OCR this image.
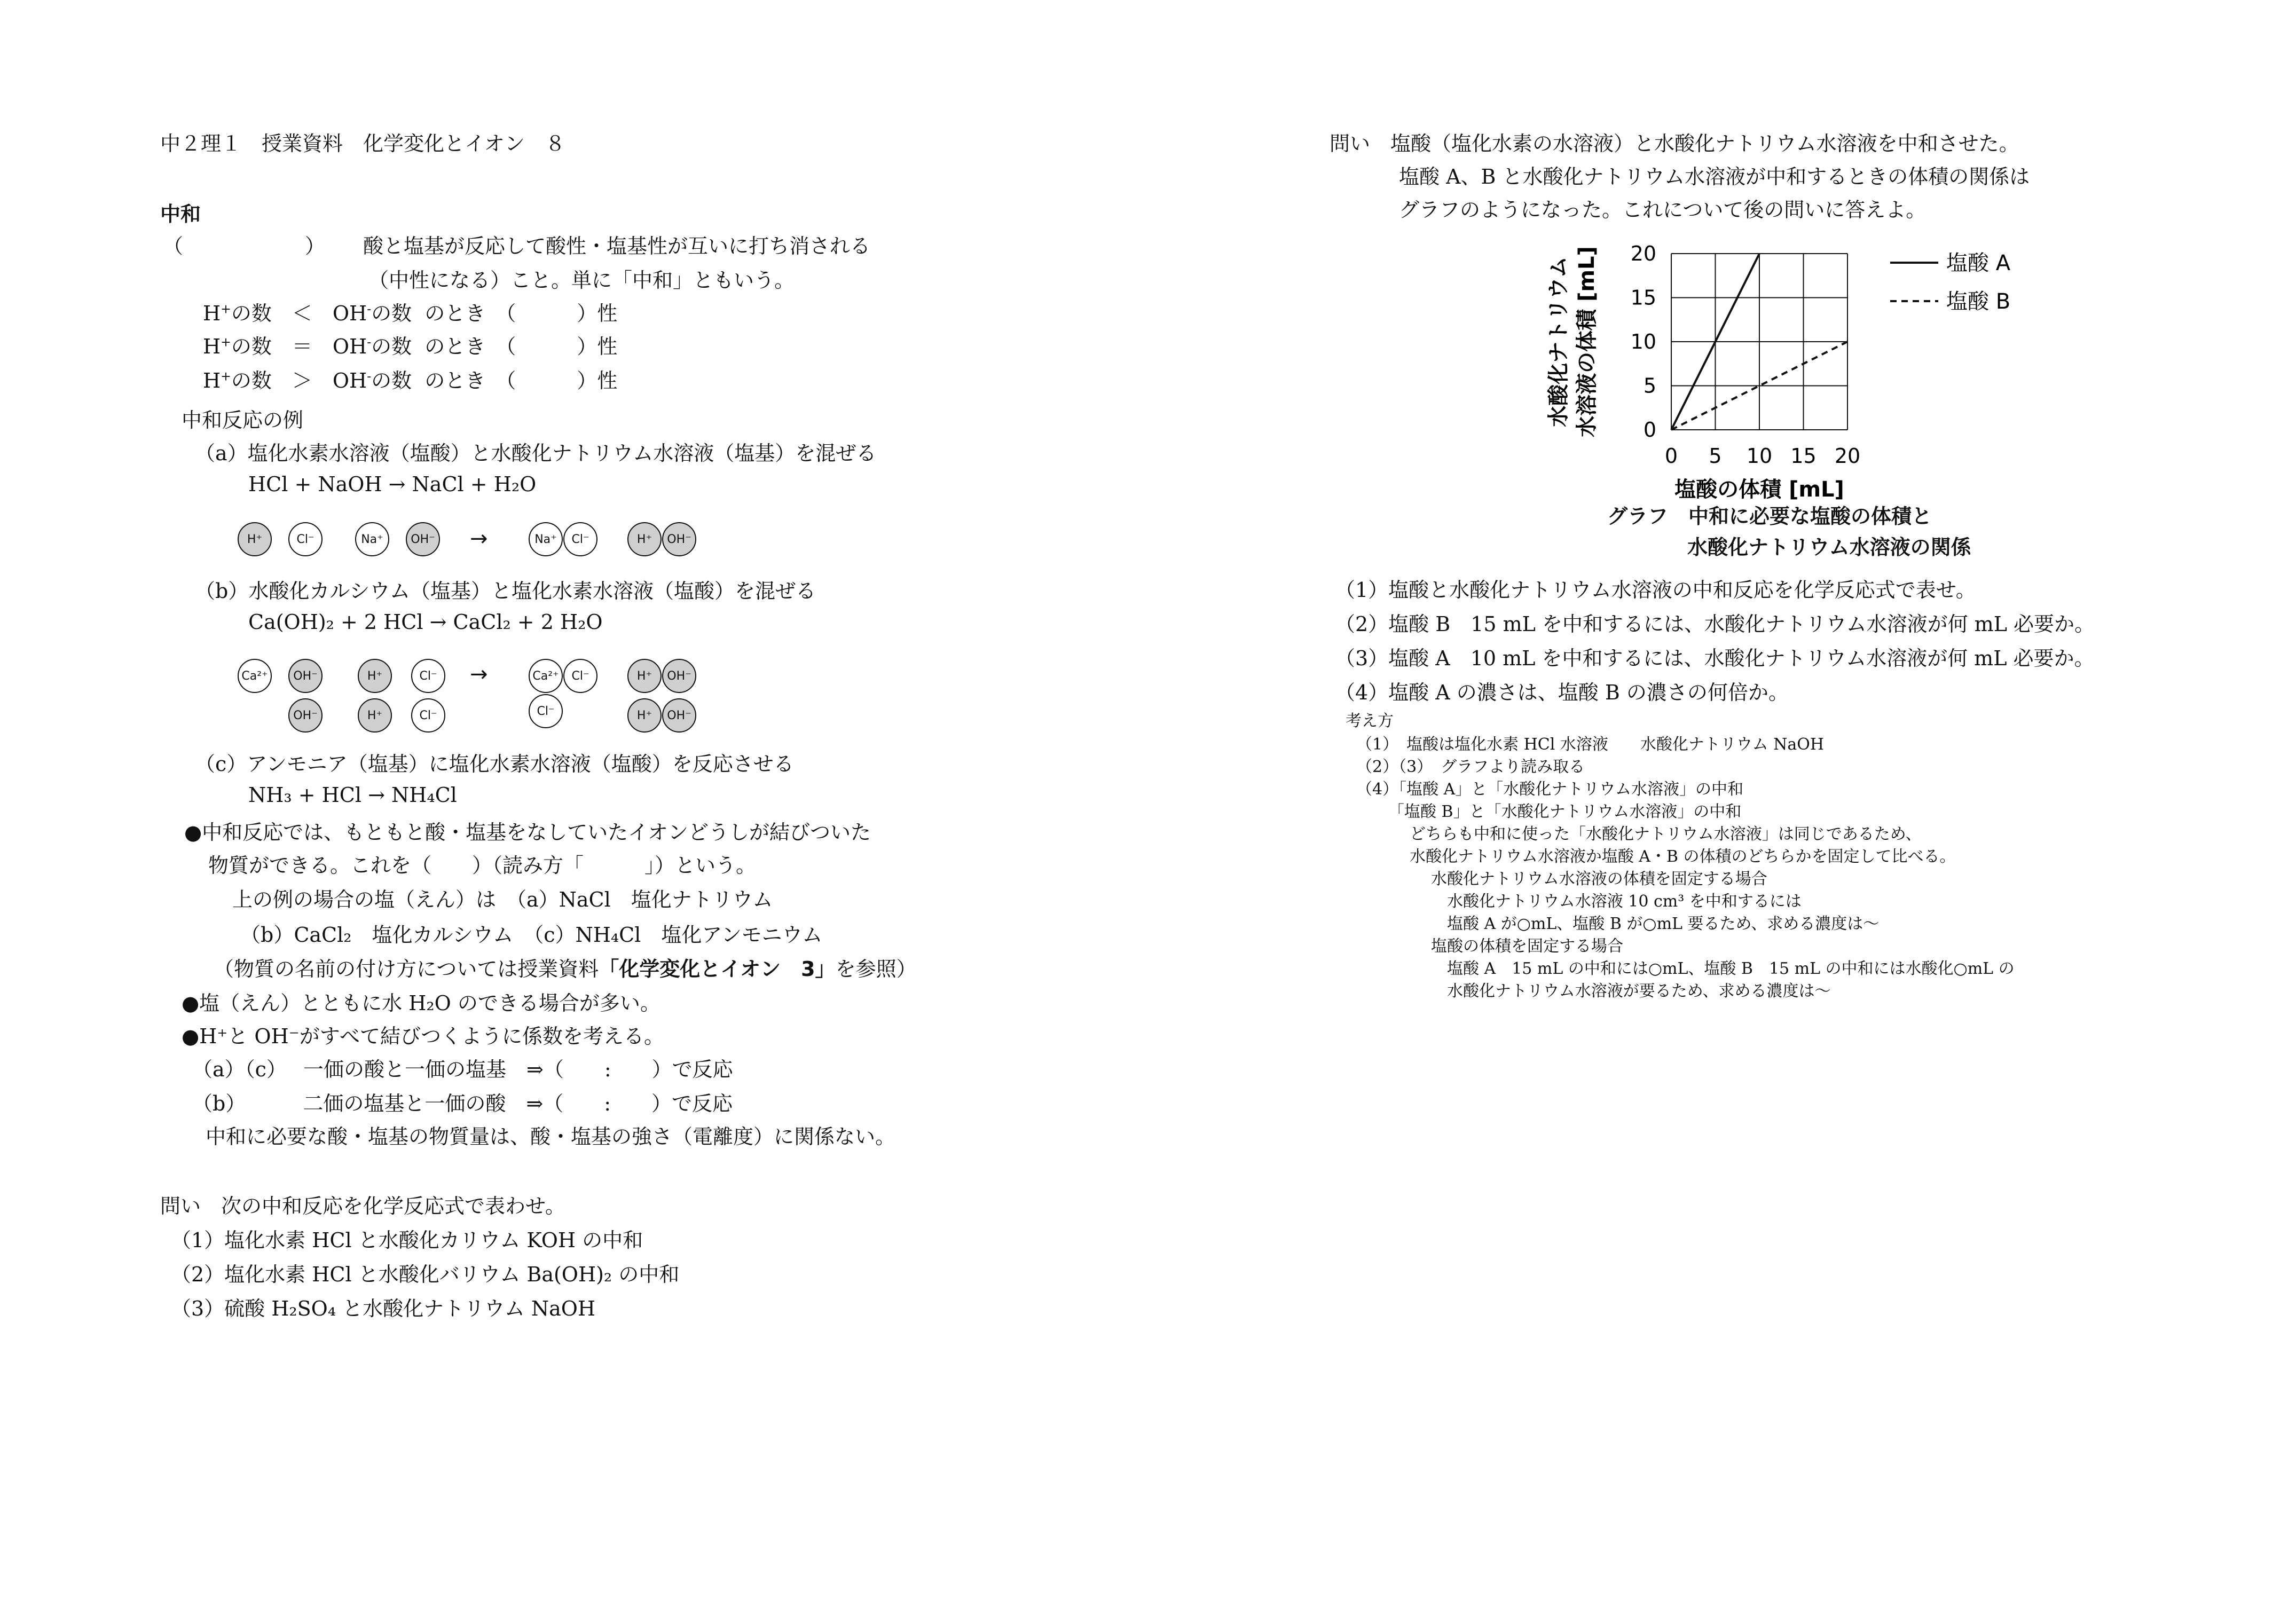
中２理１　授業資料　化学変化とイオン　８
中和
（　　　　　　） 酸と塩基が反応して酸性・塩基性が互いに打ち消される
（中性になる）こと。単に「中和」ともいう。
H+の数 ＜ OH-の数 のとき　（　　　）性
H+の数 ＝ OH-の数 のとき　（　　　）性
H+の数 ＞ OH-の数 のとき　（　　　）性
中和反応の例
（a）塩化水素水溶液（塩酸）と水酸化ナトリウム水溶液（塩基）を混ぜる
HCl + NaOH → NaCl + H₂O
H⁺	Cl⁻	Na⁺	OH⁻	Na⁺	Cl⁻	H⁺	OH⁻
→
（b）水酸化カルシウム（塩基）と塩化水素水溶液（塩酸）を混ぜる
Ca(OH)₂ + 2 HCl → CaCl₂ + 2 H₂O
Ca²⁺	OH⁻	H⁺	Cl⁻	Ca²⁺	Cl⁻	H⁺	OH⁻
OH⁻	H⁺	Cl⁻	Cl⁻	H⁺	OH⁻
→
（c）アンモニア（塩基）に塩化水素水溶液（塩酸）を反応させる
NH₃ + HCl → NH₄Cl
●中和反応では、もともと酸・塩基をなしていたイオンどうしが結びついた
物質ができる。これを（　　）（読み方「　　　」）という。
上の例の場合の塩（えん）は　（a）NaCl　塩化ナトリウム
（b）CaCl₂　塩化カルシウム　（c）NH₄Cl　塩化アンモニウム
（物質の名前の付け方については授業資料「化学変化とイオン　3」を参照）
●塩（えん）とともに水 H₂O のできる場合が多い。
●H⁺と OH⁻がすべて結びつくように係数を考える。
（a）（c）　 一価の酸と一価の塩基　⇒（　　:　　）で反応
（b）　　　 二価の塩基と一価の酸　⇒（　　:　　）で反応
中和に必要な酸・塩基の物質量は、酸・塩基の強さ（電離度）に関係ない。
問い　次の中和反応を化学反応式で表わせ。
（1）塩化水素 HCl と水酸化カリウム KOH の中和
（2）塩化水素 HCl と水酸化バリウム Ba(OH)₂ の中和
（3）硫酸 H₂SO₄ と水酸化ナトリウム NaOH
問い　塩酸（塩化水素の水溶液）と水酸化ナトリウム水溶液を中和させた。
塩酸 A、B と水酸化ナトリウム水溶液が中和するときの体積の関係は
グラフのようになった。これについて後の問いに答えよ。
0 5 10 15 20
0
5
10
15
20	塩酸 A
塩酸 B
塩酸の体積 [mL]
水酸化ナトリウム 水溶液の体積 [mL]
グラフ　中和に必要な塩酸の体積と
水酸化ナトリウム水溶液の関係
（1）塩酸と水酸化ナトリウム水溶液の中和反応を化学反応式で表せ。
（2）塩酸 B　15 mL を中和するには、水酸化ナトリウム水溶液が何 mL 必要か。
（3）塩酸 A　10 mL を中和するには、水酸化ナトリウム水溶液が何 mL 必要か。
（4）塩酸 A の濃さは、塩酸 B の濃さの何倍か。
考え方
（1）　塩酸は塩化水素 HCl 水溶液　　水酸化ナトリウム NaOH
（2）（3）　グラフより読み取る
（4）「塩酸 A」と「水酸化ナトリウム水溶液」の中和
「塩酸 B」と「水酸化ナトリウム水溶液」の中和
どちらも中和に使った「水酸化ナトリウム水溶液」は同じであるため、
水酸化ナトリウム水溶液か塩酸 A・B の体積のどちらかを固定して比べる。
水酸化ナトリウム水溶液の体積を固定する場合
水酸化ナトリウム水溶液 10 cm³ を中和するには
塩酸 A が○mL、塩酸 B が○mL 要るため、求める濃度は〜
塩酸の体積を固定する場合
塩酸 A　15 mL の中和には○mL、塩酸 B　15 mL の中和には水酸化○mL の
水酸化ナトリウム水溶液が要るため、求める濃度は〜
